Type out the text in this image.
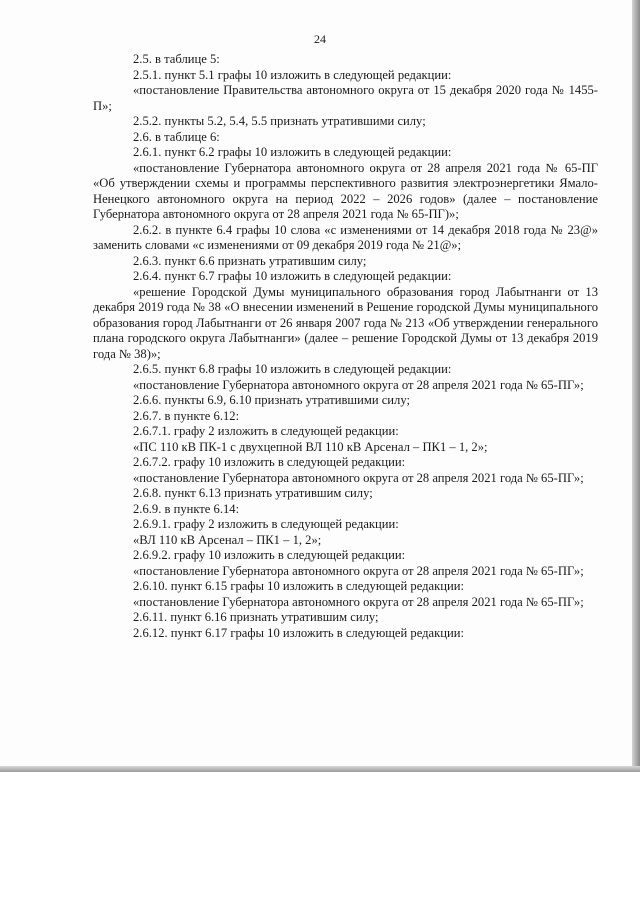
24

2.5. в таблице 5:

2.5.1. пункт 5.1 графы 10 изложить в следующей редакции:

«постановление Правительства автономного округа от 15 декабря 2020 года № 1455-П»;

2.5.2. пункты 5.2, 5.4, 5.5 признать утратившими силу;

2.6. в таблице 6:

2.6.1. пункт 6.2 графы 10 изложить в следующей редакции:

«постановление Губернатора автономного округа от 28 апреля 2021 года № 65-ПГ «Об утверждении схемы и программы перспективного развития электроэнергетики Ямало-Ненецкого автономного округа на период 2022 – 2026 годов» (далее – постановление Губернатора автономного округа от 28 апреля 2021 года № 65-ПГ)»;

2.6.2. в пункте 6.4 графы 10 слова «с изменениями от 14 декабря 2018 года № 23@» заменить словами «с изменениями от 09 декабря 2019 года № 21@»;

2.6.3. пункт 6.6 признать утратившим силу;

2.6.4. пункт 6.7 графы 10 изложить в следующей редакции:

«решение Городской Думы муниципального образования город Лабытнанги от 13 декабря 2019 года № 38 «О внесении изменений в Решение городской Думы муниципального образования город Лабытнанги от 26 января 2007 года № 213 «Об утверждении генерального плана городского округа Лабытнанги» (далее – решение Городской Думы от 13 декабря 2019 года № 38)»;

2.6.5. пункт 6.8 графы 10 изложить в следующей редакции:

«постановление Губернатора автономного округа от 28 апреля 2021 года № 65-ПГ»;

2.6.6. пункты 6.9, 6.10 признать утратившими силу;

2.6.7. в пункте 6.12:

2.6.7.1. графу 2 изложить в следующей редакции:

«ПС 110 кВ ПК-1 с двухцепной ВЛ 110 кВ Арсенал – ПК1 – 1, 2»;

2.6.7.2. графу 10 изложить в следующей редакции:

«постановление Губернатора автономного округа от 28 апреля 2021 года № 65-ПГ»;

2.6.8. пункт 6.13 признать утратившим силу;

2.6.9. в пункте 6.14:

2.6.9.1. графу 2 изложить в следующей редакции:

«ВЛ 110 кВ Арсенал – ПК1 – 1, 2»;

2.6.9.2. графу 10 изложить в следующей редакции:

«постановление Губернатора автономного округа от 28 апреля 2021 года № 65-ПГ»;

2.6.10. пункт 6.15 графы 10 изложить в следующей редакции:

«постановление Губернатора автономного округа от 28 апреля 2021 года № 65-ПГ»;

2.6.11. пункт 6.16 признать утратившим силу;

2.6.12. пункт 6.17 графы 10 изложить в следующей редакции:
